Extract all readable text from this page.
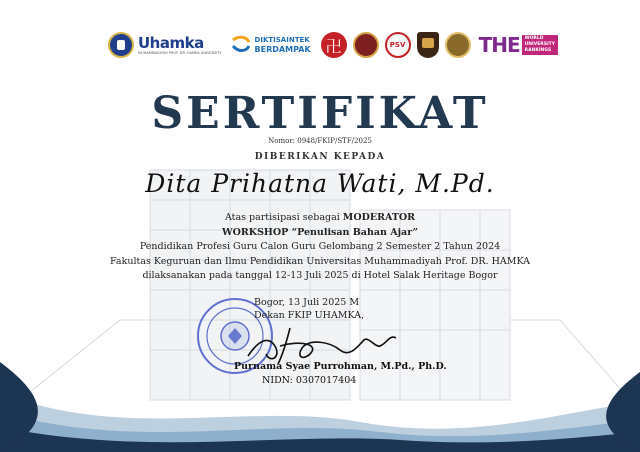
Uhamka
MUHAMMADIYAH PROF. DR. HAMKA UNIVERSITY
DIKTISAINTEK
BERDAMPAK
卍	PSV	THE WORLD
UNIVERSITY
RANKINGS
SERTIFIKAT
Nomor: 0948/FKIP/STF/2025
DIBERIKAN KEPADA
Dita Prihatna Wati, M.Pd.
Atas partisipasi sebagai MODERATOR
WORKSHOP “Penulisan Bahan Ajar”
Pendidikan Profesi Guru Calon Guru Gelombang 2 Semester 2 Tahun 2024
Fakultas Keguruan dan Ilmu Pendidikan Universitas Muhammadiyah Prof. DR. HAMKA
dilaksanakan pada tanggal 12-13 Juli 2025 di Hotel Salak Heritage Bogor
Bogor, 13 Juli 2025 M
Dekan FKIP UHAMKA,
Purnama Syae Purrohman, M.Pd., Ph.D.
NIDN: 0307017404
